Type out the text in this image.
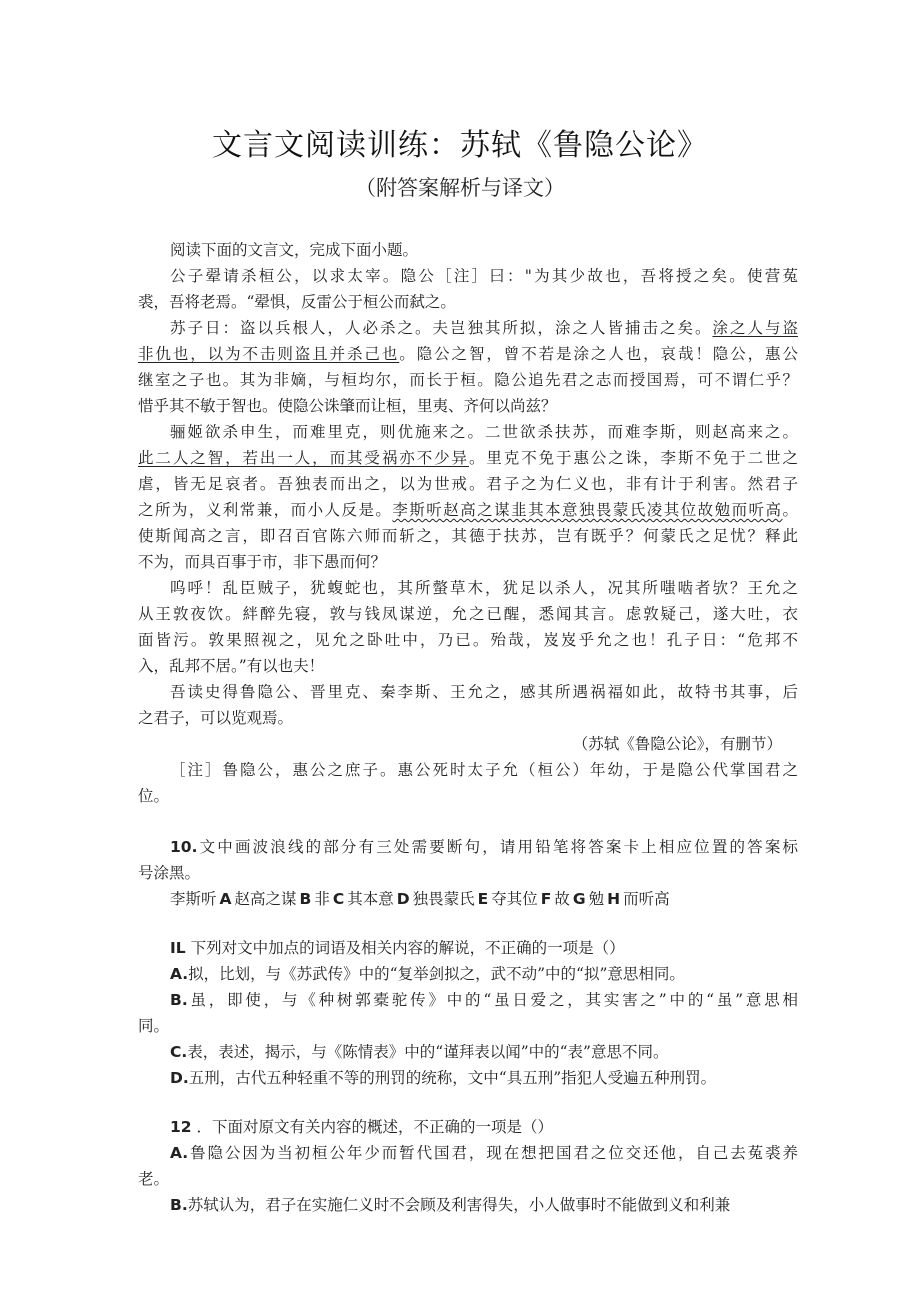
文言文阅读训练：苏轼《鲁隐公论》
（附答案解析与译文）
阅读下面的文言文，完成下面小题。
公子翚请杀桓公，以求太宰。隐公［注］曰："为其少故也，吾将授之矣。使营菟
裘，吾将老焉。“翚惧，反雷公于桓公而弑之。
苏子日：盗以兵根人，人必杀之。夫岂独其所拟，涂之人皆捕击之矣。涂之人与盗
非仇也，以为不击则盗且并杀己也。隐公之智，曾不若是涂之人也，哀哉！隐公，惠公
继室之子也。其为非嫡，与桓均尔，而长于桓。隐公追先君之志而授国焉，可不谓仁乎？
惜乎其不敏于智也。使隐公诛肇而让桓，里夷、齐何以尚兹？
骊姬欲杀申生，而难里克，则优施来之。二世欲杀扶苏，而难李斯，则赵高来之。
此二人之智，若出一人，而其受祸亦不少异。里克不免于惠公之诛，李斯不免于二世之
虐，皆无足哀者。吾独表而出之，以为世戒。君子之为仁义也，非有计于利害。然君子
之所为，义利常兼，而小人反是。李斯听赵高之谋韭其本意独畏蒙氏凌其位故勉而听高。
使斯闻高之言，即召百官陈六师而斩之，其德于扶苏，岂有既乎？何蒙氏之足忧？释此
不为，而具百事于市，非下愚而何？
呜呼！乱臣贼子，犹蝮蛇也，其所螫草木，犹足以杀人，况其所嗤啮者欤？王允之
从王敦夜饮。絆醉先寝，敦与钱凤谋逆，允之已醒，悉闻其言。虑敦疑己，遂大吐，衣
面皆污。敦果照视之，见允之卧吐中，乃已。殆哉，岌岌乎允之也！孔子日：“危邦不
入，乱邦不居。”有以也夫！
吾读史得鲁隐公、晋里克、秦李斯、王允之，感其所遇祸福如此，故特书其事，后
之君子，可以览观焉。
（苏轼《鲁隐公论》，有删节）
［注］鲁隐公，惠公之庶子。惠公死时太子允（桓公）年幼，于是隐公代掌国君之
位。
10.文中画波浪线的部分有三处需要断句，请用铅笔将答案卡上相应位置的答案标
号涂黑。
李斯听 A 赵高之谋 B 非 C 其本意 D 独畏蒙氏 E 夺其位 F 故 G 勉 H 而听高
IL 下列对文中加点的词语及相关内容的解说，不正确的一项是（）
A.拟，比划，与《苏武传》中的“复举剑拟之，武不动”中的“拟”意思相同。
B.虽，即使，与《种树郭橐驼传》中的“虽日爱之，其实害之”中的“虽”意思相
同。
C.表，表述，揭示，与《陈情表》中的“谨拜表以闻”中的“表”意思不同。
D.五刑，古代五种轻重不等的刑罚的统称，文中“具五刑”指犯人受遍五种刑罚。
12 ．下面对原文有关内容的概述，不正确的一项是（）
A.鲁隐公因为当初桓公年少而暂代国君，现在想把国君之位交还他，自己去菟裘养
老。
B.苏轼认为，君子在实施仁义时不会顾及利害得失，小人做事时不能做到义和利兼
